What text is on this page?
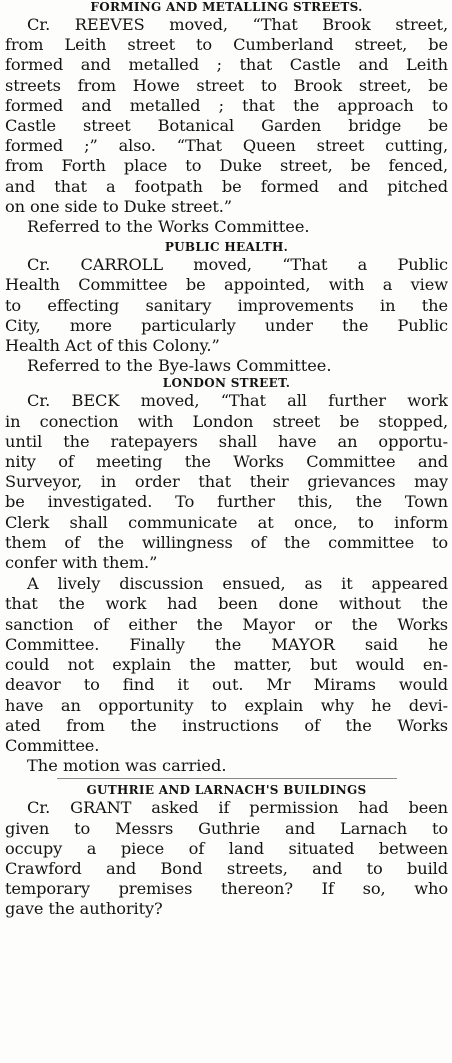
FORMING AND METALLING STREETS.
Cr. REEVES moved, “That Brook street,
from Leith street to Cumberland street, be
formed and metalled ; that Castle and Leith
streets from Howe street to Brook street, be
formed and metalled ; that the approach to
Castle street Botanical Garden bridge be
formed ;” also. “That Queen street cutting,
from Forth place to Duke street, be fenced,
and that a footpath be formed and pitched
on one side to Duke street.”
Referred to the Works Committee.
PUBLIC HEALTH.
Cr. CARROLL moved, “That a Public
Health Committee be appointed, with a view
to effecting sanitary improvements in the
City, more particularly under the Public
Health Act of this Colony.”
Referred to the Bye-laws Committee.
LONDON STREET.
Cr. BECK moved, “That all further work
in conection with London street be stopped,
until the ratepayers shall have an opportu-
nity of meeting the Works Committee and
Surveyor, in order that their grievances may
be investigated. To further this, the Town
Clerk shall communicate at once, to inform
them of the willingness of the committee to
confer with them.”
A lively discussion ensued, as it appeared
that the work had been done without the
sanction of either the Mayor or the Works
Committee. Finally the MAYOR said he
could not explain the matter, but would en-
deavor to find it out. Mr Mirams would
have an opportunity to explain why he devi-
ated from the instructions of the Works
Committee.
The motion was carried.
GUTHRIE AND LARNACH'S BUILDINGS
Cr. GRANT asked if permission had been
given to Messrs Guthrie and Larnach to
occupy a piece of land situated between
Crawford and Bond streets, and to build
temporary premises thereon? If so, who
gave the authority?
